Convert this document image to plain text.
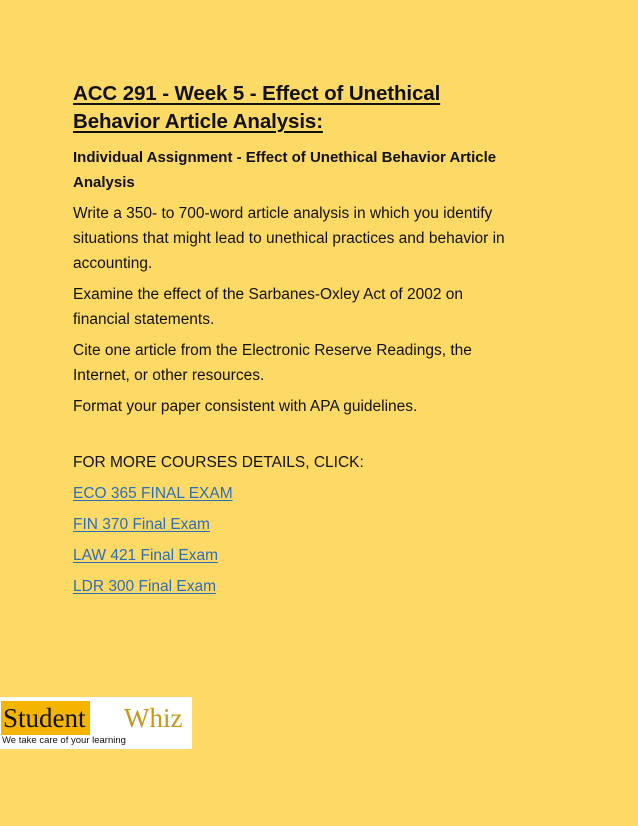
ACC 291 - Week 5 - Effect of Unethical
Behavior Article Analysis:
Individual Assignment - Effect of Unethical Behavior Article
Analysis
Write a 350- to 700-word article analysis in which you identify
situations that might lead to unethical practices and behavior in
accounting.
Examine the effect of the Sarbanes-Oxley Act of 2002 on
financial statements.
Cite one article from the Electronic Reserve Readings, the
Internet, or other resources.
Format your paper consistent with APA guidelines.
FOR MORE COURSES DETAILS, CLICK:
ECO 365 FINAL EXAM
FIN 370 Final Exam
LAW 421 Final Exam
LDR 300 Final Exam
Student Whiz
We take care of your learning
